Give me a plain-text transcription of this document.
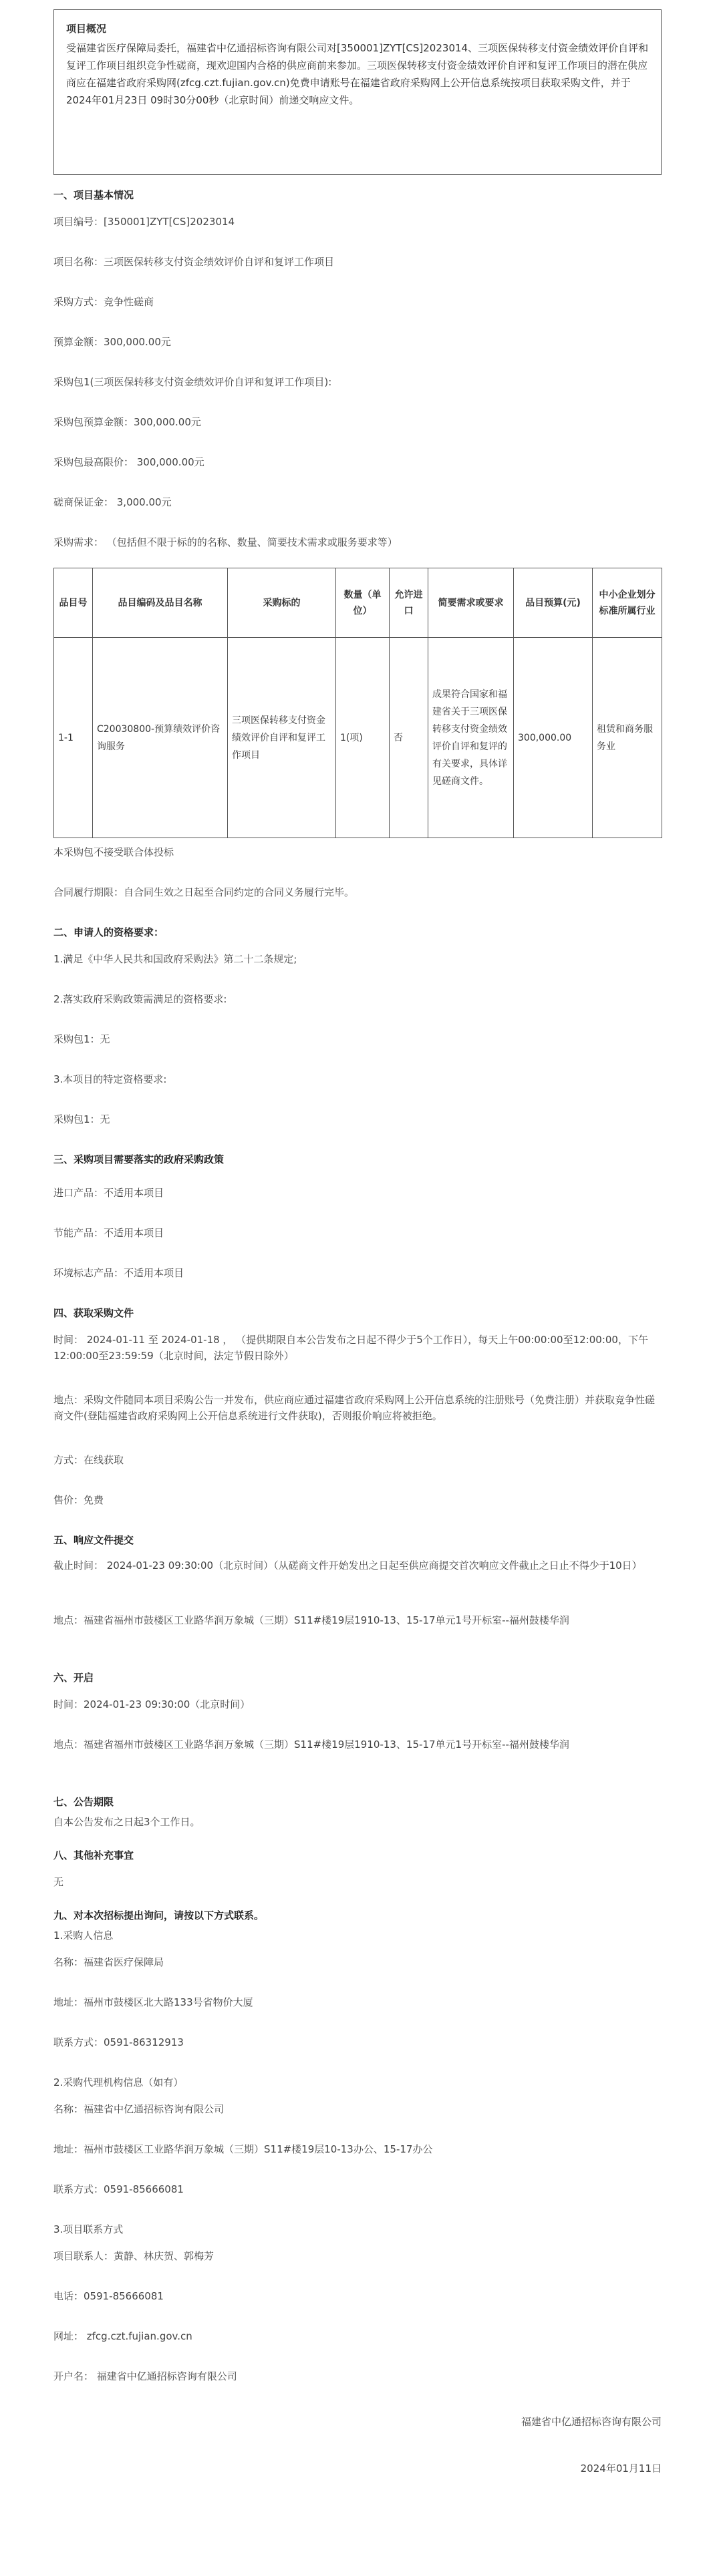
项目概况
受福建省医疗保障局委托，福建省中亿通招标咨询有限公司对[350001]ZYT[CS]2023014、三项医保转移支付资金绩效评价自评和复评工作项目组织竞争性磋商，现欢迎国内合格的供应商前来参加。三项医保转移支付资金绩效评价自评和复评工作项目的潜在供应商应在福建省政府采购网(zfcg.czt.fujian.gov.cn)免费申请账号在福建省政府采购网上公开信息系统按项目获取采购文件，并于2024年01月23日 09时30分00秒（北京时间）前递交响应文件。
一、项目基本情况
项目编号：[350001]ZYT[CS]2023014
项目名称：三项医保转移支付资金绩效评价自评和复评工作项目
采购方式：竞争性磋商
预算金额：300,000.00元
采购包1(三项医保转移支付资金绩效评价自评和复评工作项目):
采购包预算金额：300,000.00元
采购包最高限价： 300,000.00元
磋商保证金： 3,000.00元
采购需求： （包括但不限于标的的名称、数量、简要技术需求或服务要求等）
品目号	品目编码及品目名称	采购标的	数量（单位）	允许进口	简要需求或要求	品目预算(元)	中小企业划分标准所属行业
1-1	C20030800-预算绩效评价咨询服务	三项医保转移支付资金绩效评价自评和复评工作项目	1(项)	否	成果符合国家和福建省关于三项医保转移支付资金绩效评价自评和复评的有关要求，具体详见磋商文件。	300,000.00	租赁和商务服务业
本采购包不接受联合体投标
合同履行期限：自合同生效之日起至合同约定的合同义务履行完毕。
二、申请人的资格要求：
1.满足《中华人民共和国政府采购法》第二十二条规定;
2.落实政府采购政策需满足的资格要求:
采购包1：无
3.本项目的特定资格要求:
采购包1：无
三、采购项目需要落实的政府采购政策
进口产品：不适用本项目
节能产品：不适用本项目
环境标志产品：不适用本项目
四、获取采购文件
时间： 2024-01-11 至 2024-01-18 ， （提供期限自本公告发布之日起不得少于5个工作日），每天上午00:00:00至12:00:00，下午12:00:00至23:59:59（北京时间，法定节假日除外）
地点：采购文件随同本项目采购公告一并发布，供应商应通过福建省政府采购网上公开信息系统的注册账号（免费注册）并获取竞争性磋商文件(登陆福建省政府采购网上公开信息系统进行文件获取)，否则报价响应将被拒绝。
方式：在线获取
售价：免费
五、响应文件提交
截止时间： 2024-01-23 09:30:00（北京时间）（从磋商文件开始发出之日起至供应商提交首次响应文件截止之日止不得少于10日）
地点：福建省福州市鼓楼区工业路华润万象城（三期）S11#楼19层1910-13、15-17单元1号开标室--福州鼓楼华润
六、开启
时间：2024-01-23 09:30:00（北京时间）
地点：福建省福州市鼓楼区工业路华润万象城（三期）S11#楼19层1910-13、15-17单元1号开标室--福州鼓楼华润
七、公告期限
自本公告发布之日起3个工作日。
八、其他补充事宜
无
九、对本次招标提出询问，请按以下方式联系。
1.采购人信息
名称：福建省医疗保障局
地址：福州市鼓楼区北大路133号省物价大厦
联系方式：0591-86312913
2.采购代理机构信息（如有）
名称：福建省中亿通招标咨询有限公司
地址：福州市鼓楼区工业路华润万象城（三期）S11#楼19层10-13办公、15-17办公
联系方式：0591-85666081
3.项目联系方式
项目联系人：黄静、林庆贺、郭梅芳
电话：0591-85666081
网址： zfcg.czt.fujian.gov.cn
开户名： 福建省中亿通招标咨询有限公司
福建省中亿通招标咨询有限公司
2024年01月11日
